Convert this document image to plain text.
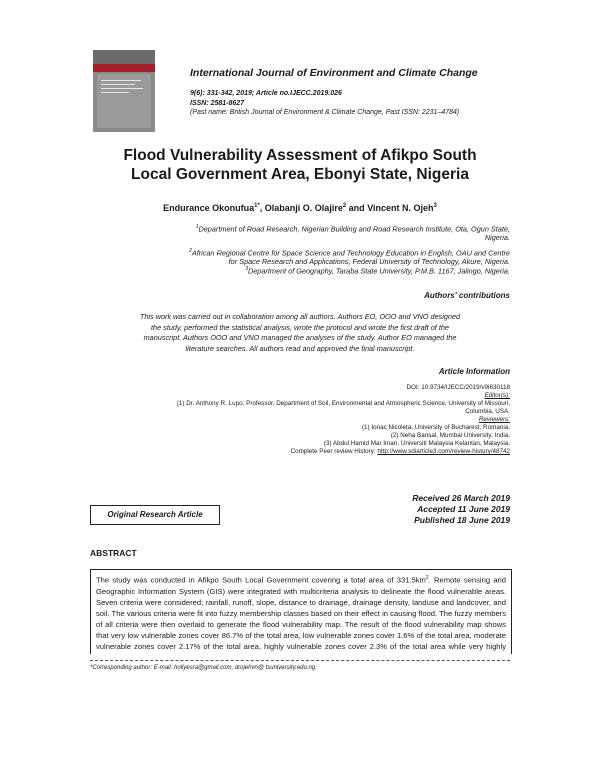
International Journal of Environment and Climate Change
9(6): 331-342, 2019; Article no.IJECC.2019.026
ISSN: 2581-8627
(Past name: British Journal of Environment & Climate Change, Past ISSN: 2231–4784)
Flood Vulnerability Assessment of Afikpo South
Local Government Area, Ebonyi State, Nigeria
Endurance Okonufua$^{1*}$, Olabanji O. Olajire$^2$ and Vincent N. Ojeh$^3$
$^1$Department of Road Research, Nigerian Building and Road Research Institute, Ota, Ogun State,
Nigeria.
$^2$African Regional Centre for Space Science and Technology Education in English, OAU and Centre
for Space Research and Applications, Federal University of Technology, Akure, Nigeria.
$^3$Department of Geography, Taraba State University, P.M.B. 1167, Jalingo, Nigeria.
Authors' contributions
This work was carried out in collaboration among all authors. Authors EO, OOO and VNO designed
the study, performed the statistical analysis, wrote the protocol and wrote the first draft of the
manuscript. Authors OOO and VNO managed the analyses of the study. Author EO managed the
literature searches. All authors read and approved the final manuscript.
Article Information
DOI: 10.9734/IJECC/2019/v9i630118
Editor(s):
(1) Dr. Anthony R. Lupo, Professor, Department of Soil, Environmental and Atmospheric Science, University of Missouri,
Columbia, USA.
Reviewers:
(1) Ionac Nicoleta, University of Bucharest, Romania.
(2) Neha Bansal, Mumbai University, India.
(3) Abdul Hamid Mar Iman, Universiti Malaysia Kelantan, Malaysia.
Complete Peer review History: http://www.sdiarticle3.com/review-history/48742
Original Research Article
Received 26 March 2019
Accepted 11 June 2019
Published 18 June 2019
ABSTRACT
The study was conducted in Afikpo South Local Government covering a total area of $331.5km^2$. Remote sensing and Geographic Information System (GIS) were integrated with multicriteria analysis to delineate the flood vulnerable areas. Seven criteria were considered; rainfall, runoff, slope, distance to drainage, drainage density, landuse and landcover, and soil. The various criteria were fit into fuzzy membership classes based on their effect in causing flood. The fuzzy members of all criteria were then overlaid to generate the flood vulnerability map. The result of the flood vulnerability map shows that very low vulnerable zones cover 86.7% of the total area, low vulnerable zones cover 1.6% of the total area, moderate vulnerable zones cover 2.17% of the total area, highly vulnerable zones cover 2.3% of the total area while very highly
*Corresponding author: E-mail: hollyesra@gmail.com, drojehvn@ tsuniversity.edu.ng
